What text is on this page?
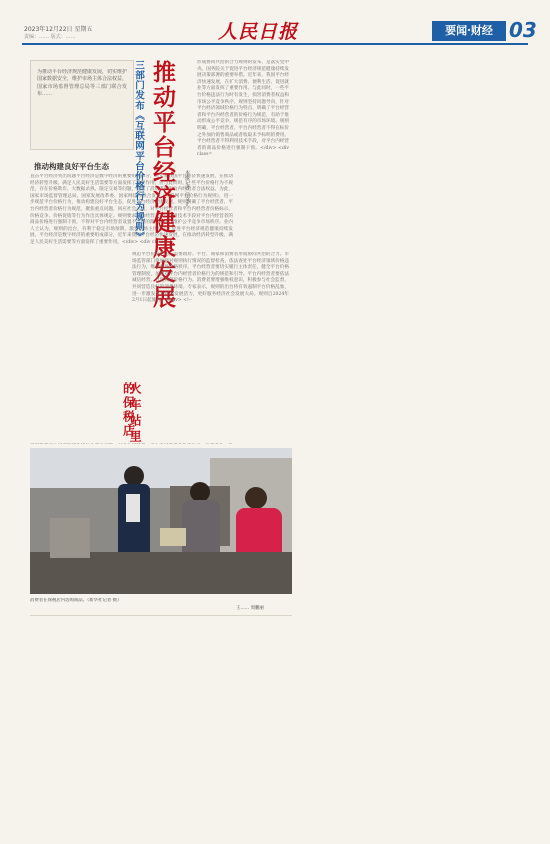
2023年12月22日 星期五
责编：…… 版式：……	人民日报	要闻·财经 03
为推动平台经济规范健康发展，切实维护国家数据安全，维护市场主体合法权益，国家市场监督管理总局等三部门联合发布……
推动构建良好平台生态
直击平台经济突出问题 平台经济是数字经济的重要组成部分，近年来我国平台经济快速发展，在推动经济转型升级、满足人民美好生活需要等方面发挥了重要作用。但与此同时，一些平台价格行为不规范，存在价格欺诈、大数据杀熟、限定交易等问题，损害了消费者和平台内经营者合法权益。为此，国家市场监督管理总局、国家发展改革委、国家网信办联合发布《互联网平台价格行为规则》，进一步规范平台价格行为，推动构建良好平台生态，促进平台经济健康发展。规则明确了平台经营者、平台内经营者价格行为规范，聚焦重点问题，回应社会关切，对平台经营者和平台内经营者价格标示、价格竞争、价格促销等行为作出具体规定。规则要求平台经营者不得利用技术手段对平台内经营者的商品价格进行强制干预，不得对平台内经营者设置不合理的限制条件，维护公平竞争市场秩序。业内人士认为，规则的出台，有利于稳定市场预期，激发市场主体活力，促进平台经济规范健康持续发展。平台经济是数字经济的重要组成部分，近年来我国平台经济快速发展，在推动经济转型升级、满足人民美好生活需要等方面发挥了重要作用。</div> <div class=
火车站里的保税店
规则聚焦平台经济领域价格行为突出问题，对平台经营者、平台内经营者在价格标示、价格竞争、价格促销等方面的行为作出规范。规则明确，平台经营者不得利用服务协议、交易规则等手段，对平台内经营者的交易及价格进行不合理限制或者附加不合理条件，保障平台内经营者自主定价权利。规则聚焦平台经济领域价格行为突出问题，对平台经营者、平台内经营者在价格标示、价格竞争等方面的行为作出规范。</div> <!-- vertical banner --> <div class=
消费者在保税店内选购商品。（新华社记者 摄）
王…… 周鹏丽
三部门发布《互联网平台价格行为规则》 推动平台经济健康发展	本报记者 汪文正
形成协同共治的合力 规则的发布，是落实党中央、国务院关于促进平台经济规范健康持续发展决策部署的重要举措。近年来，我国平台经济快速发展，在扩大消费、便利生活、促进就业等方面发挥了重要作用。与此同时，一些平台价格违法行为时有发生，损害消费者权益和市场公平竞争秩序。规则坚持问题导向，针对平台经济领域价格行为特点，明确了平台经营者和平台内经营者的价格行为规范，有助于推动形成公平竞争、规范有序的市场环境。规则明确，平台经营者、平台内经营者不得在标价之外加价销售商品或者收取未予标明的费用。平台经营者不得利用技术手段，对平台内经营者的商品价格进行强制干预。</div> <div class=

规范平台价格行为，需要政府、平台、商家和消费者形成协同共治的合力。市场监管部门将加强对规则执行情况的监督检查，依法查处平台经济领域价格违法行为，维护市场价格秩序。平台经营者要切实履行主体责任，健全平台价格管理制度，加强对平台内经营者价格行为的规范和引导。平台内经营者要依法诚信经营，自觉规范价格行为。消费者要增强维权意识，积极参与社会监督，共同营造良好的消费环境。专家表示，规则的出台将有效遏制平台价格乱象，进一步激发平台经济发展活力，更好服务经济社会发展大局。规则自2024年2月1日起施行。</div> <!--
